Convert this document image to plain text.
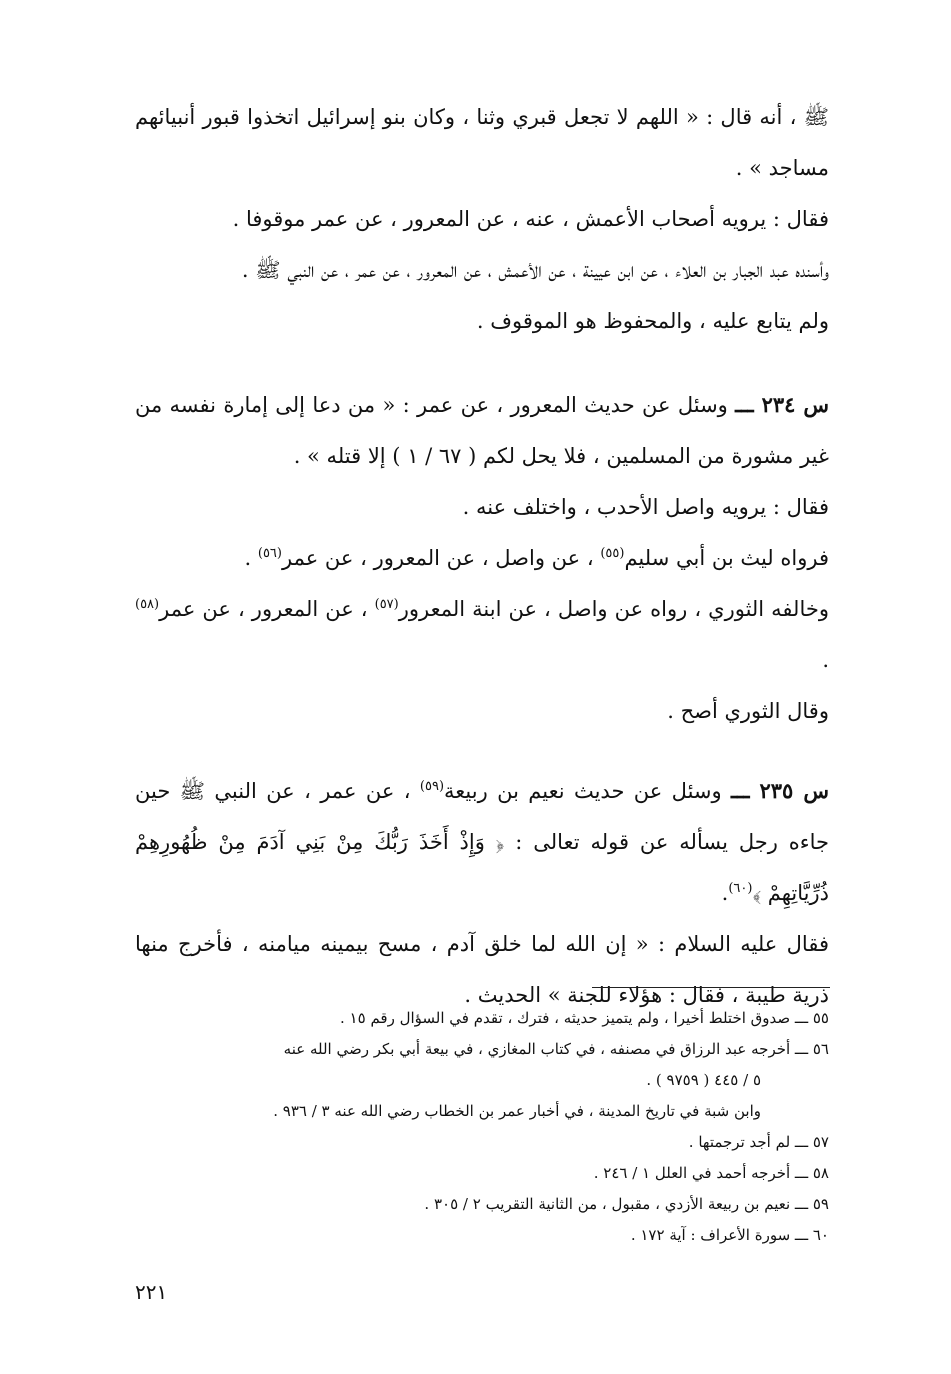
ﷺ ، أنه قال : « اللهم لا تجعل قبري وثنا ، وكان بنو إسرائيل اتخذوا قبور أنبيائهم مساجد » .

فقال : يرويه أصحاب الأعمش ، عنه ، عن المعرور ، عن عمر موقوفا .

وأسنده عبد الجبار بن العلاء ، عن ابن عيينة ، عن الأعمش ، عن المعرور ، عن عمر ، عن النبي ﷺ .

ولم يتابع عليه ، والمحفوظ هو الموقوف .

س ٢٣٤ ـــ وسئل عن حديث المعرور ، عن عمر : « من دعا إلى إمارة نفسه من غير مشورة من المسلمين ، فلا يحل لكم ( ٦٧ / ١ ) إلا قتله » .

فقال : يرويه واصل الأحدب ، واختلف عنه .

فرواه ليث بن أبي سليم$^{(٥٥)}$ ، عن واصل ، عن المعرور ، عن عمر$^{(٥٦)}$ .

وخالفه الثوري ، رواه عن واصل ، عن ابنة المعرور$^{(٥٧)}$ ، عن المعرور ، عن عمر$^{(٥٨)}$ .

وقال الثوري أصح .

س ٢٣٥ ـــ وسئل عن حديث نعيم بن ربيعة$^{(٥٩)}$ ، عن عمر ، عن النبي ﷺ حين جاءه رجل يسأله عن قوله تعالى : ﴿ وَإِذْ أَخَذَ رَبُّكَ مِنْ بَنِي آدَمَ مِنْ ظُهُورِهِمْ ذُرِّيَّاتِهِمْ ﴾$^{(٦٠)}$.

فقال عليه السلام : « إن الله لما خلق آدم ، مسح بيمينه ميامنه ، فأخرج منها ذرية طيبة ، فقال : هؤلاء للجنة » الحديث .

٥٥ ـــ صدوق اختلط أخيرا ، ولم يتميز حديثه ، فترك ، تقدم في السؤال رقم ١٥ .

٥٦ ـــ أخرجه عبد الرزاق في مصنفه ، في كتاب المغازي ، في بيعة أبي بكر رضي الله عنه

٥ / ٤٤٥ ( ٩٧٥٩ ) .

وابن شبة في تاريخ المدينة ، في أخبار عمر بن الخطاب رضي الله عنه ٣ / ٩٣٦ .

٥٧ ـــ لم أجد ترجمتها .

٥٨ ـــ أخرجه أحمد في العلل ١ / ٢٤٦ .

٥٩ ـــ نعيم بن ربيعة الأزدي ، مقبول ، من الثانية التقريب ٢ / ٣٠٥ .

٦٠ ـــ سورة الأعراف : آية ١٧٢ .

٢٢١
